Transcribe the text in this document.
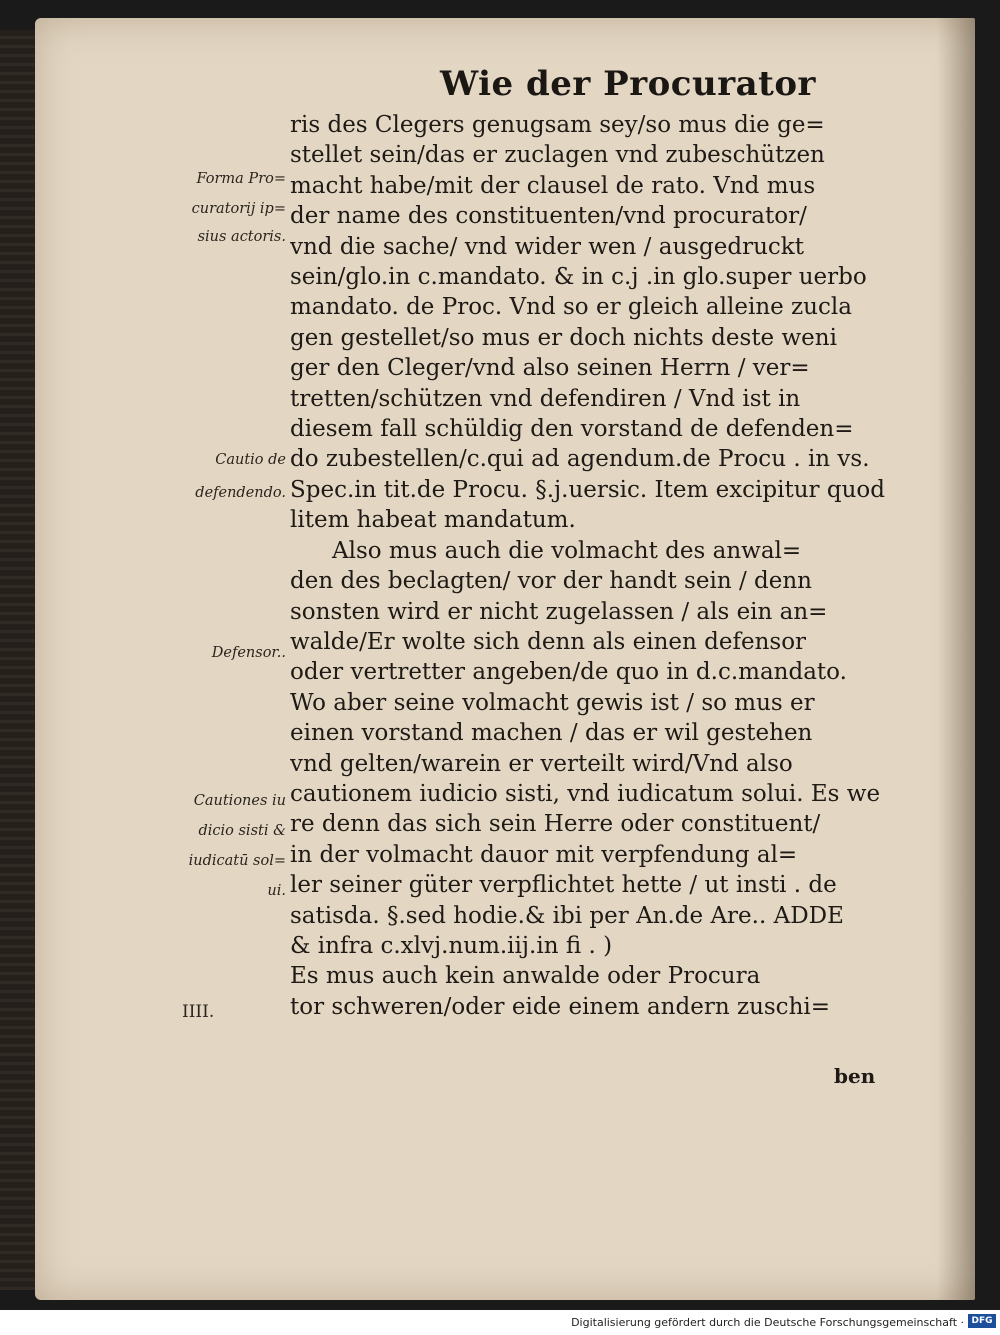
Wie der Procurator
Forma Pro=
curatorij ip=
sius actoris.
Cautio de
defendendo.
Defensor..
Cautiones iu
dicio sisti &
iudicatū sol=
ui.
ris des Clegers genugsam sey/so mus die ge=
stellet sein/das er zuclagen vnd zubeschützen
macht habe/mit der clausel de rato. Vnd mus
der name des constituenten/vnd procurator/
vnd die sache/ vnd wider wen / ausgedruckt
sein/glo.in c.mandato. & in c.j .in glo.super uerbo
mandato. de Proc. Vnd so er gleich alleine zucla
gen gestellet/so mus er doch nichts deste weni
ger den Cleger/vnd also seinen Herrn / ver=
tretten/schützen vnd defendiren / Vnd ist in
diesem fall schüldig den vorstand de defenden=
do zubestellen/c.qui ad agendum.de Procu . in vs.
Spec.in tit.de Procu. §.j.uersic. Item excipitur quod
litem habeat mandatum.
Also mus auch die volmacht des anwal=
den des beclagten/ vor der handt sein / denn
sonsten wird er nicht zugelassen / als ein an=
walde/Er wolte sich denn als einen defensor
oder vertretter angeben/de quo in d.c.mandato.
Wo aber seine volmacht gewis ist / so mus er
einen vorstand machen / das er wil gestehen
vnd gelten/warein er verteilt wird/Vnd also
cautionem iudicio sisti, vnd iudicatum solui. Es we
re denn das sich sein Herre oder constituent/
in der volmacht dauor mit verpfendung al=
ler seiner güter verpflichtet hette / ut insti . de
satisda. §.sed hodie.& ibi per An.de Are.. ADDE
& infra c.xlvj.num.iij.in fi . )
Es mus auch kein anwalde oder Procura
tor schweren/oder eide einem andern zuschi=
IIII.
ben
Digitalisierung gefördert durch die Deutsche Forschungsgemeinschaft · DFG
